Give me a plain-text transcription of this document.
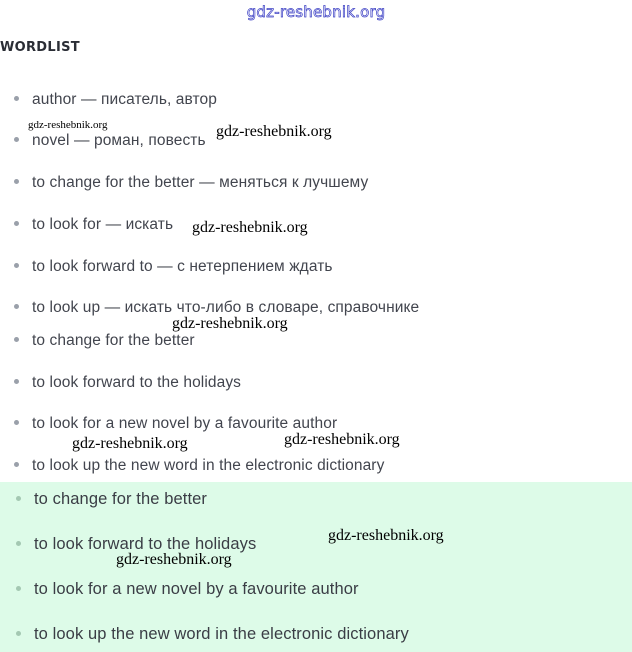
gdz-reshebnik.org
WORDLIST
author — писатель, автор
novel — роман, повесть
to change for the better — меняться к лучшему
to look for — искать
to look forward to — с нетерпением ждать
to look up — искать что-либо в словаре, справочнике
to change for the better
to look forward to the holidays
to look for a new novel by a favourite author
to look up the new word in the electronic dictionary
to change for the better
to look forward to the holidays
to look for a new novel by a favourite author
to look up the new word in the electronic dictionary
gdz-reshebnik.org	gdz-reshebnik.org
gdz-reshebnik.org
gdz-reshebnik.org
gdz-reshebnik.org
gdz-reshebnik.org
gdz-reshebnik.org
gdz-reshebnik.org
